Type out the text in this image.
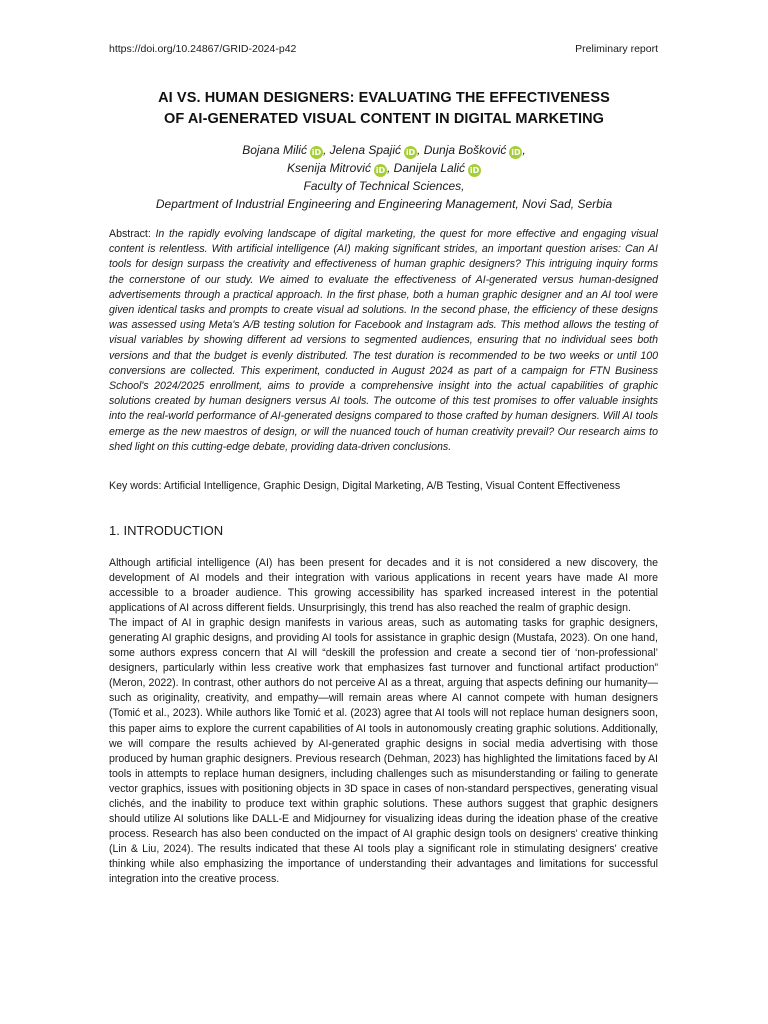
https://doi.org/10.24867/GRID-2024-p42	Preliminary report
AI VS. HUMAN DESIGNERS: EVALUATING THE EFFECTIVENESS
OF AI-GENERATED VISUAL CONTENT IN DIGITAL MARKETING
Bojana Milić iD , Jelena Spajić iD , Dunja Bošković iD ,
Ksenija Mitrović iD , Danijela Lalić iD
Faculty of Technical Sciences,
Department of Industrial Engineering and Engineering Management, Novi Sad, Serbia
Abstract: In the rapidly evolving landscape of digital marketing, the quest for more effective and engaging visual content is relentless. With artificial intelligence (AI) making significant strides, an important question arises: Can AI tools for design surpass the creativity and effectiveness of human graphic designers? This intriguing inquiry forms the cornerstone of our study. We aimed to evaluate the effectiveness of AI-generated versus human-designed advertisements through a practical approach. In the first phase, both a human graphic designer and an AI tool were given identical tasks and prompts to create visual ad solutions. In the second phase, the efficiency of these designs was assessed using Meta's A/B testing solution for Facebook and Instagram ads. This method allows the testing of visual variables by showing different ad versions to segmented audiences, ensuring that no individual sees both versions and that the budget is evenly distributed. The test duration is recommended to be two weeks or until 100 conversions are collected. This experiment, conducted in August 2024 as part of a campaign for FTN Business School's 2024/2025 enrollment, aims to provide a comprehensive insight into the actual capabilities of graphic solutions created by human designers versus AI tools. The outcome of this test promises to offer valuable insights into the real-world performance of AI-generated designs compared to those crafted by human designers. Will AI tools emerge as the new maestros of design, or will the nuanced touch of human creativity prevail? Our research aims to shed light on this cutting-edge debate, providing data-driven conclusions.
Key words: Artificial Intelligence, Graphic Design, Digital Marketing, A/B Testing, Visual Content Effectiveness
1. INTRODUCTION

Although artificial intelligence (AI) has been present for decades and it is not considered a new discovery, the development of AI models and their integration with various applications in recent years have made AI more accessible to a broader audience. This growing accessibility has sparked increased interest in the potential applications of AI across different fields. Unsurprisingly, this trend has also reached the realm of graphic design.

The impact of AI in graphic design manifests in various areas, such as automating tasks for graphic designers, generating AI graphic designs, and providing AI tools for assistance in graphic design (Mustafa, 2023). On one hand, some authors express concern that AI will “deskill the profession and create a second tier of ‘non-professional’ designers, particularly within less creative work that emphasizes fast turnover and functional artifact production” (Meron, 2022). In contrast, other authors do not perceive AI as a threat, arguing that aspects defining our humanity—such as originality, creativity, and empathy—will remain areas where AI cannot compete with human designers (Tomić et al., 2023). While authors like Tomić et al. (2023) agree that AI tools will not replace human designers soon, this paper aims to explore the current capabilities of AI tools in autonomously creating graphic solutions. Additionally, we will compare the results achieved by AI-generated graphic designs in social media advertising with those produced by human graphic designers. Previous research (Dehman, 2023) has highlighted the limitations faced by AI tools in attempts to replace human designers, including challenges such as misunderstanding or failing to generate vector graphics, issues with positioning objects in 3D space in cases of non-standard perspectives, generating visual clichés, and the inability to produce text within graphic solutions. These authors suggest that graphic designers should utilize AI solutions like DALL-E and Midjourney for visualizing ideas during the ideation phase of the creative process. Research has also been conducted on the impact of AI graphic design tools on designers' creative thinking (Lin & Liu, 2024). The results indicated that these AI tools play a significant role in stimulating designers' creative thinking while also emphasizing the importance of understanding their advantages and limitations for successful integration into the creative process.
